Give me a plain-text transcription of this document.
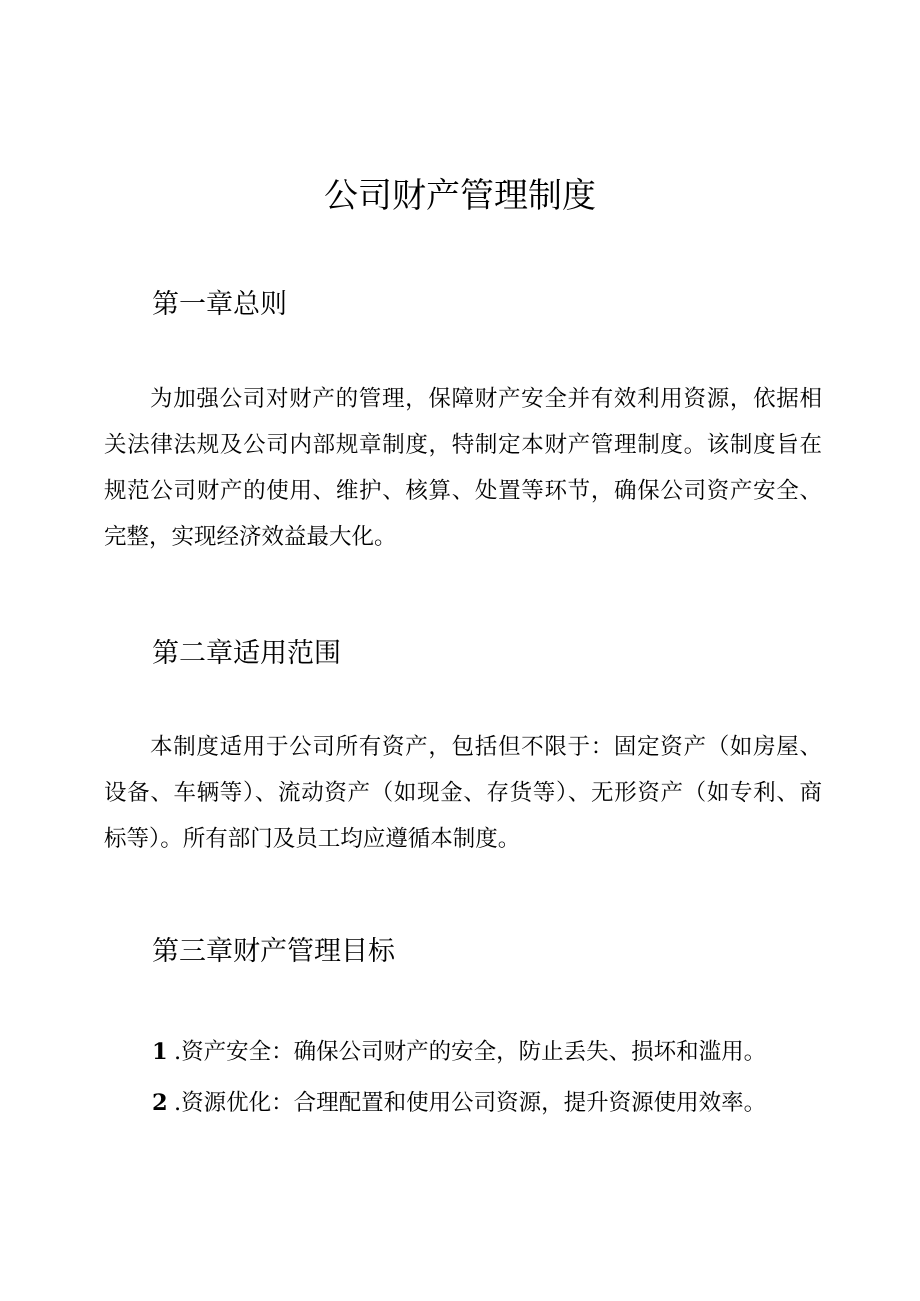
公司财产管理制度
第一章总则

为加强公司对财产的管理，保障财产安全并有效利用资源，依据相关法律法规及公司内部规章制度，特制定本财产管理制度。该制度旨在规范公司财产的使用、维护、核算、处置等环节，确保公司资产安全、完整，实现经济效益最大化。

第二章适用范围

本制度适用于公司所有资产，包括但不限于：固定资产（如房屋、设备、车辆等）、流动资产（如现金、存货等）、无形资产（如专利、商标等）。所有部门及员工均应遵循本制度。

第三章财产管理目标

1 .资产安全：确保公司财产的安全，防止丢失、损坏和滥用。

2 .资源优化：合理配置和使用公司资源，提升资源使用效率。
